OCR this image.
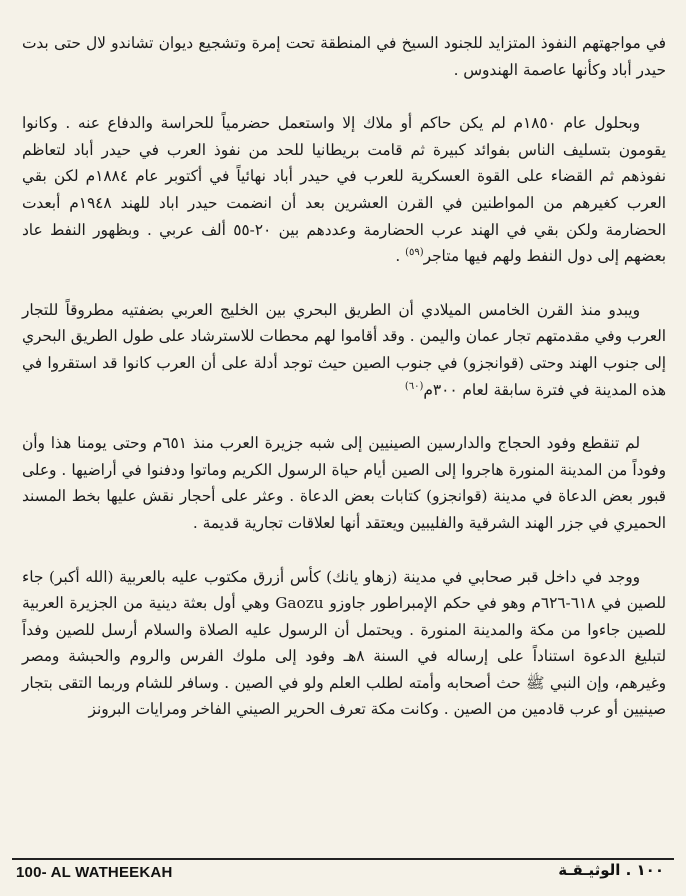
في مواجهتهم النفوذ المتزايد للجنود السيخ في المنطقة تحت إمرة وتشجيع ديوان تشاندو لال حتى بدت حيدر أباد وكأنها عاصمة الهندوس .

وبحلول عام ١٨٥٠م لم يكن حاكم أو ملاك إلا واستعمل حضرمياً للحراسة والدفاع عنه . وكانوا يقومون بتسليف الناس بفوائد كبيرة ثم قامت بريطانيا للحد من نفوذ العرب في حيدر أباد لتعاظم نفوذهم ثم القضاء على القوة العسكرية للعرب في حيدر أباد نهائياً في أكتوبر عام ١٨٨٤م لكن بقي العرب كغيرهم من المواطنين في القرن العشرين بعد أن انضمت حيدر اباد للهند ١٩٤٨م أبعدت الحضارمة ولكن بقي في الهند عرب الحضارمة وعددهم بين ٢٠-٥٥ ألف عربي . وبظهور النفط عاد بعضهم إلى دول النفط ولهم فيها متاجر$^{(٥٩)}$ .

ويبدو منذ القرن الخامس الميلادي أن الطريق البحري بين الخليج العربي بضفتيه مطروقاً للتجار العرب وفي مقدمتهم تجار عمان واليمن . وقد أقاموا لهم محطات للاسترشاد على طول الطريق البحري إلى جنوب الهند وحتى (قوانجزو) في جنوب الصين حيث توجد أدلة على أن العرب كانوا قد استقروا في هذه المدينة في فترة سابقة لعام ٣٠٠م$^{(٦٠)}$

لم تنقطع وفود الحجاج والدارسين الصينيين إلى شبه جزيرة العرب منذ ٦٥١م وحتى يومنا هذا وأن وفوداً من المدينة المنورة هاجروا إلى الصين أيام حياة الرسول الكريم وماتوا ودفنوا في أراضيها . وعلى قبور بعض الدعاة في مدينة (قوانجزو) كتابات بعض الدعاة . وعثر على أحجار نقش عليها بخط المسند الحميري في جزر الهند الشرقية والفليبين ويعتقد أنها لعلاقات تجارية قديمة .

ووجد في داخل قبر صحابي في مدينة (زهاو يانك) كأس أزرق مكتوب عليه بالعربية (الله أكبر) جاء للصين في ٦١٨-٦٢٦م وهو في حكم الإمبراطور جاوزو Gaozu وهي أول بعثة دينية من الجزيرة العربية للصين جاءوا من مكة والمدينة المنورة . ويحتمل أن الرسول عليه الصلاة والسلام أرسل للصين وفداً لتبليغ الدعوة استناداً على إرساله في السنة ٨هـ وفود إلى ملوك الفرس والروم والحبشة ومصر وغيرهم، وإن النبي ﷺ حث أصحابه وأمته لطلب العلم ولو في الصين . وسافر للشام وربما التقى بتجار صينيين أو عرب قادمين من الصين . وكانت مكة تعرف الحرير الصيني الفاخر ومرايات البرونز

100- AL WATHEEKAH	١٠٠ . الوثيـقـة
